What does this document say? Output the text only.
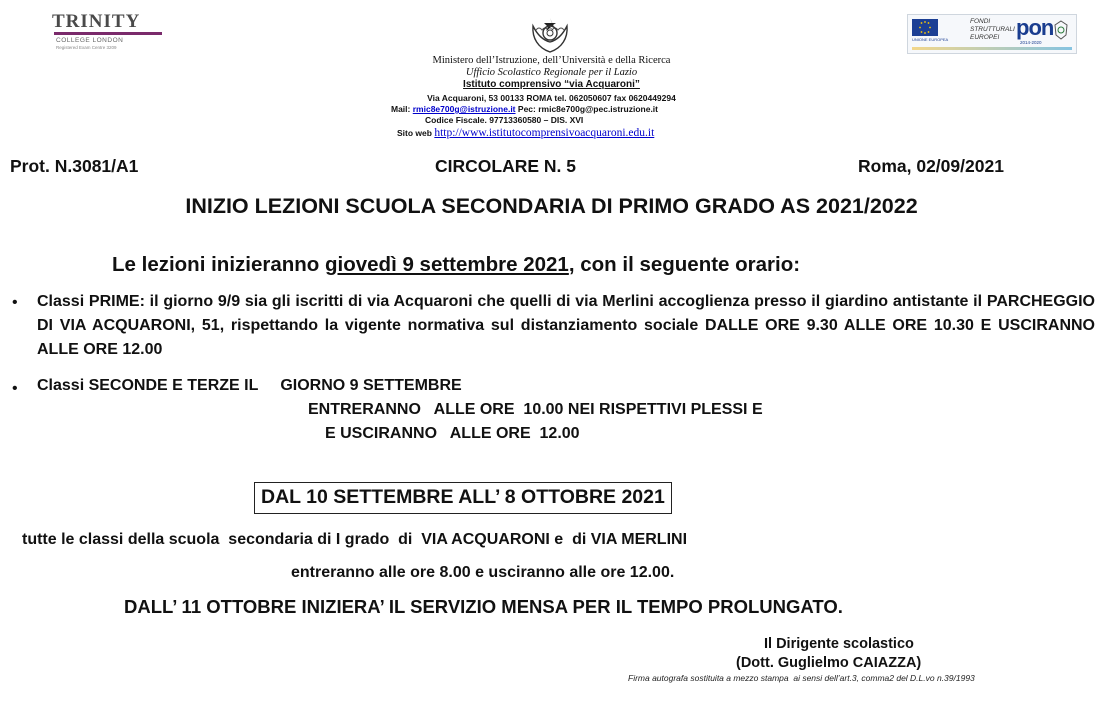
TRINITY
COLLEGE LONDON
Registered Exam Centre 3209
UNIONE EUROPEA
FONDI
STRUTTURALI
EUROPEI pon
2014-2020
Ministero dell’Istruzione, dell’Università e della Ricerca
Ufficio Scolastico Regionale per il Lazio
Istituto comprensivo “via Acquaroni”
Via Acquaroni, 53 00133 ROMA tel. 062050607 fax 0620449294
Mail: rmic8e700g@istruzione.it Pec: rmic8e700g@pec.istruzione.it
Codice Fiscale. 97713360580 – DIS. XVI
Sito web http://www.istitutocomprensivoacquaroni.edu.it
Prot. N.3081/A1	CIRCOLARE N. 5	Roma, 02/09/2021
INIZIO LEZIONI SCUOLA SECONDARIA DI PRIMO GRADO AS 2021/2022
Le lezioni inizieranno giovedì 9 settembre 2021, con il seguente orario:
• Classi PRIME: il giorno 9/9 sia gli iscritti di via Acquaroni che quelli di via Merlini accoglienza presso il giardino antistante il PARCHEGGIO DI VIA ACQUARONI, 51, rispettando la vigente normativa sul distanziamento sociale DALLE ORE 9.30 ALLE ORE 10.30 E USCIRANNO ALLE ORE 12.00
• Classi SECONDE E TERZE IL     GIORNO 9 SETTEMBRE
ENTRERANNO   ALLE ORE  10.00 NEI RISPETTIVI PLESSI E
E USCIRANNO   ALLE ORE  12.00
DAL 10 SETTEMBRE ALL’ 8 OTTOBRE 2021
tutte le classi della scuola  secondaria di I grado  di  VIA ACQUARONI e  di VIA MERLINI
entreranno alle ore 8.00 e usciranno alle ore 12.00.
DALL’ 11 OTTOBRE INIZIERA’ IL SERVIZIO MENSA PER IL TEMPO PROLUNGATO.
Il Dirigente scolastico
(Dott. Guglielmo CAIAZZA)
Firma autografa sostituita a mezzo stampa  ai sensi dell’art.3, comma2 del D.L.vo n.39/1993
